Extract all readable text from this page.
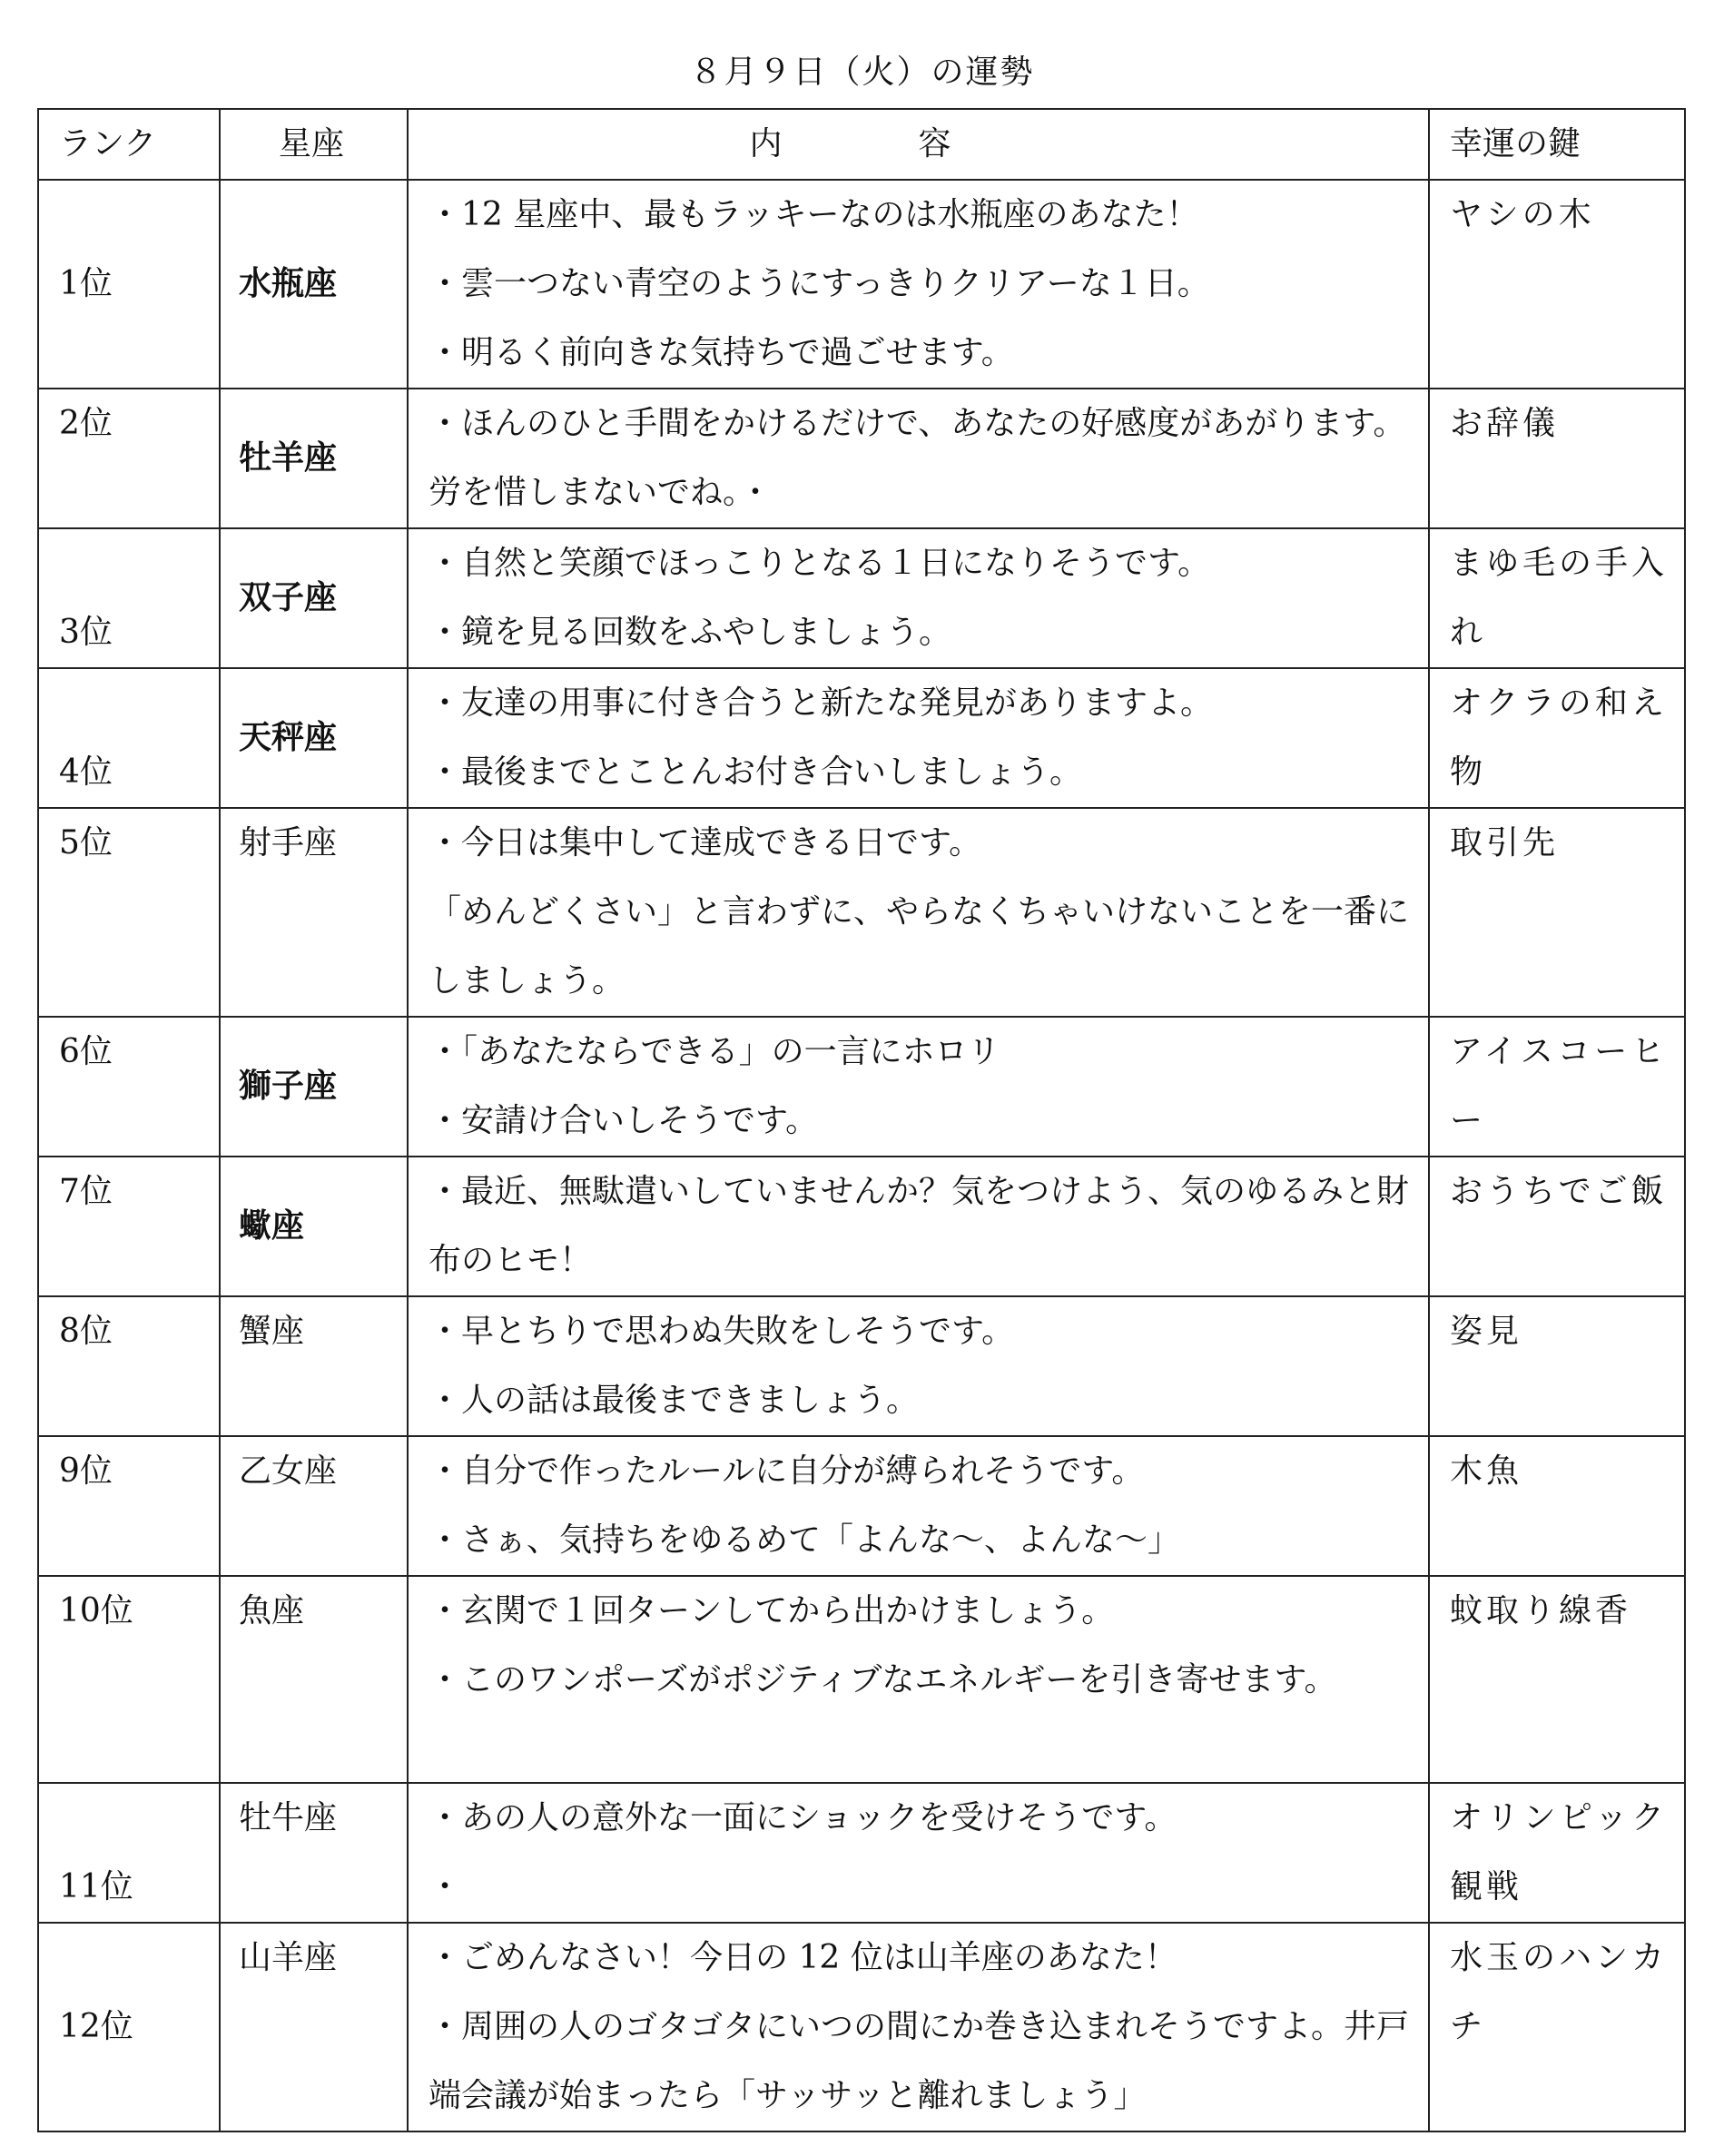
８月９日（火）の運勢
ランク	星座	内容	幸運の鍵
1位	水瓶座	・12 星座中、最もラッキーなのは水瓶座のあなた！
・雲一つない青空のようにすっきりクリアーな１日。
・明るく前向きな気持ちで過ごせます。	ヤシの木
2位	牡羊座	・ほんのひと手間をかけるだけで、あなたの好感度があがります。労を惜しまないでね。・	お辞儀
3位	双子座	・自然と笑顔でほっこりとなる１日になりそうです。
・鏡を見る回数をふやしましょう。	まゆ毛の手入れ
4位	天秤座	・友達の用事に付き合うと新たな発見がありますよ。
・最後までとことんお付き合いしましょう。	オクラの和え物
5位	射手座	・今日は集中して達成できる日です。
「めんどくさい」と言わずに、やらなくちゃいけないことを一番にしましょう。	取引先
6位	獅子座	・「あなたならできる」の一言にホロリ
・安請け合いしそうです。	アイスコーヒー
7位	蠍座	・最近、無駄遣いしていませんか？気をつけよう、気のゆるみと財布のヒモ！	おうちでご飯
8位	蟹座	・早とちりで思わぬ失敗をしそうです。
・人の話は最後まできましょう。	姿見
9位	乙女座	・自分で作ったルールに自分が縛られそうです。
・さぁ、気持ちをゆるめて「よんな～、よんな～」	木魚
10位	魚座	・玄関で１回ターンしてから出かけましょう。
・このワンポーズがポジティブなエネルギーを引き寄せます。	蚊取り線香
11位	牡牛座	・あの人の意外な一面にショックを受けそうです。
・	オリンピック観戦
12位	山羊座	・ごめんなさい！今日の 12 位は山羊座のあなた！
・周囲の人のゴタゴタにいつの間にか巻き込まれそうですよ。井戸端会議が始まったら「サッサッと離れましょう」	水玉のハンカチ
